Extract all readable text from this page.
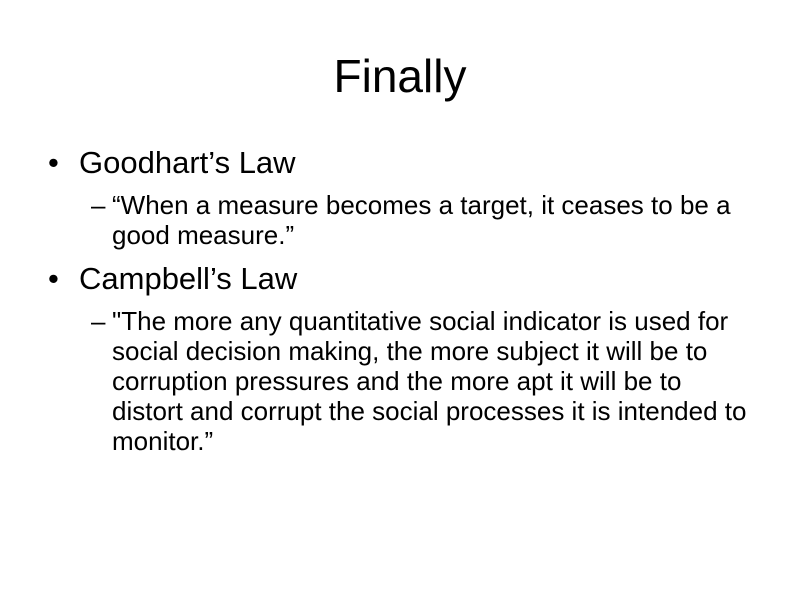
Finally
• Goodhart’s Law
– “When a measure becomes a target, it ceases to be a good measure.”
• Campbell’s Law
– "The more any quantitative social indicator is used for social decision making, the more subject it will be to corruption pressures and the more apt it will be to distort and corrupt the social processes it is intended to monitor.”
